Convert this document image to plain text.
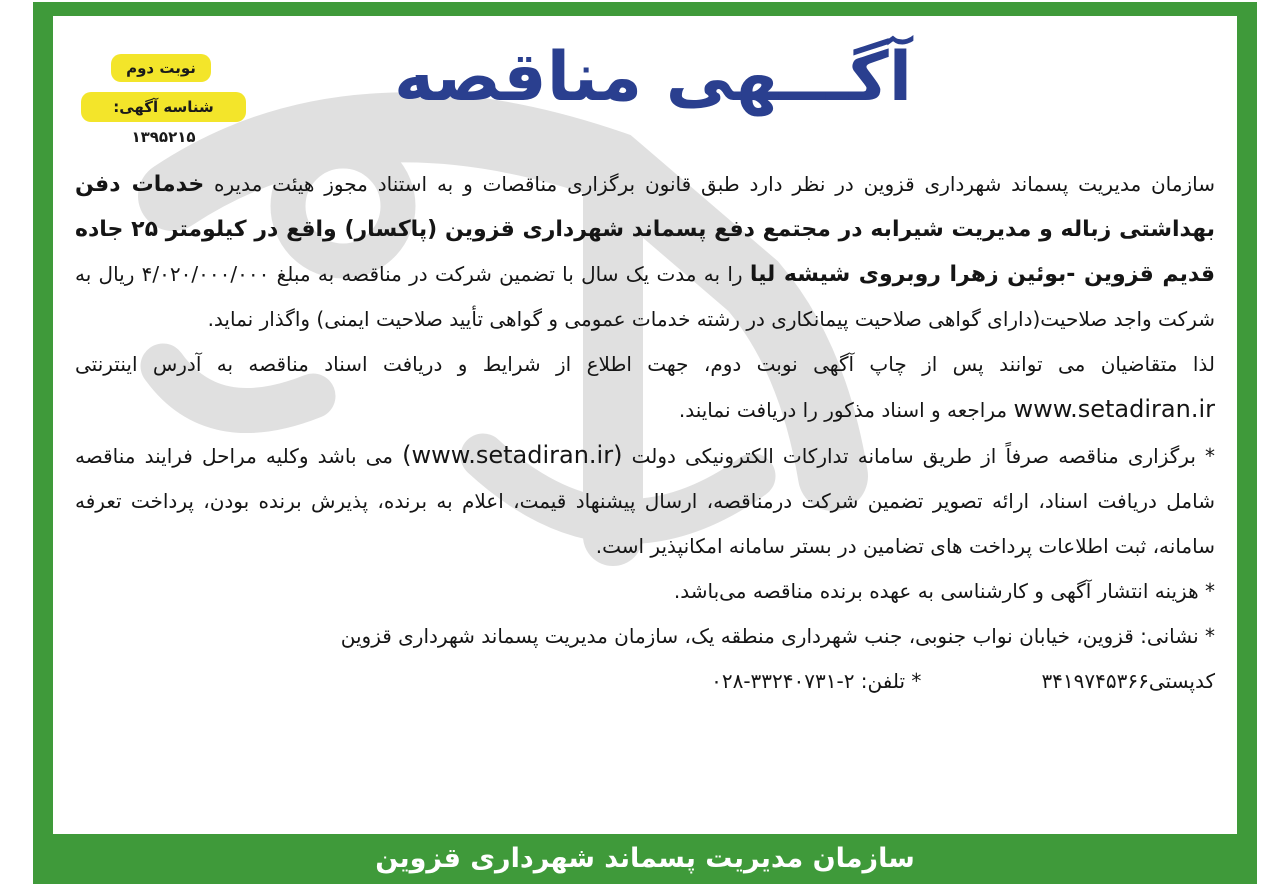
نوبت دوم
شناسه آگهی: ۱۳۹۵۲۱۵
آگـــهی مناقصه

سازمان مدیریت پسماند شهرداری قزوین در نظر دارد طبق قانون برگزاری مناقصات و به استناد مجوز هیئت مدیره خدمات دفن بهداشتی زباله و مدیریت شیرابه در مجتمع دفع پسماند شهرداری قزوین (پاکسار) واقع در کیلومتر ۲۵ جاده قدیم قزوین -بوئین زهرا روبروی شیشه لیا را به مدت یک سال با تضمین شرکت در مناقصه به مبلغ ۴/۰۲۰/۰۰۰/۰۰۰ ریال به شرکت واجد صلاحیت(دارای گواهی صلاحیت پیمانکاری در رشته خدمات عمومی و گواهی تأیید صلاحیت ایمنی) واگذار نماید.

لذا متقاضیان می توانند پس از چاپ آگهی نوبت دوم، جهت اطلاع از شرایط و دریافت اسناد مناقصه به آدرس اینترنتی www.setadiran.ir مراجعه و اسناد مذکور را دریافت نمایند.

* برگزاری مناقصه صرفاً از طریق سامانه تدارکات الکترونیکی دولت (www.setadiran.ir) می باشد وکلیه مراحل فرایند مناقصه شامل دریافت اسناد، ارائه تصویر تضمین شرکت درمناقصه، ارسال پیشنهاد قیمت، اعلام به برنده، پذیرش برنده بودن، پرداخت تعرفه سامانه، ثبت اطلاعات پرداخت های تضامین در بستر سامانه امکانپذیر است.

* هزینه انتشار آگهی و کارشناسی به عهده برنده مناقصه می‌باشد.

* نشانی: قزوین، خیابان نواب جنوبی، جنب شهرداری منطقه یک، سازمان مدیریت پسماند شهرداری قزوین

کدپستی۳۴۱۹۷۴۵۳۶۶
* تلفن: ۲-۳۳۲۴۰۷۳۱-۰۲۸
سازمان مدیریت پسماند شهرداری قزوین
